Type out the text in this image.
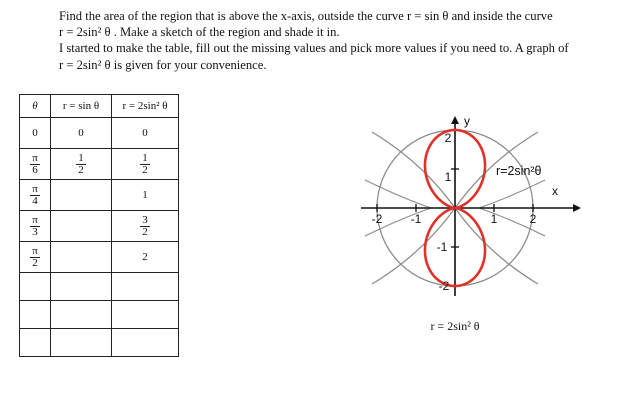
Find the area of the region that is above the x-axis, outside the curve r = sin θ and inside the curve

r = 2sin² θ . Make a sketch of the region and shade it in.

I started to make the table, fill out the missing values and pick more values if you need to. A graph of

r = 2sin² θ is given for your convenience.

θ	r = sin θ	r = 2sin² θ
0	0	0

$\frac{\pi}{6}$	$\frac{1}{2}$	$\frac{1}{2}$

$\frac{\pi}{4}$		1

$\frac{\pi}{3}$		$\frac{3}{2}$

$\frac{\pi}{2}$		2

-2 -1	1	2
2
1
-1
-2
y
x
r=2sin²θ
r = 2sin² θ
